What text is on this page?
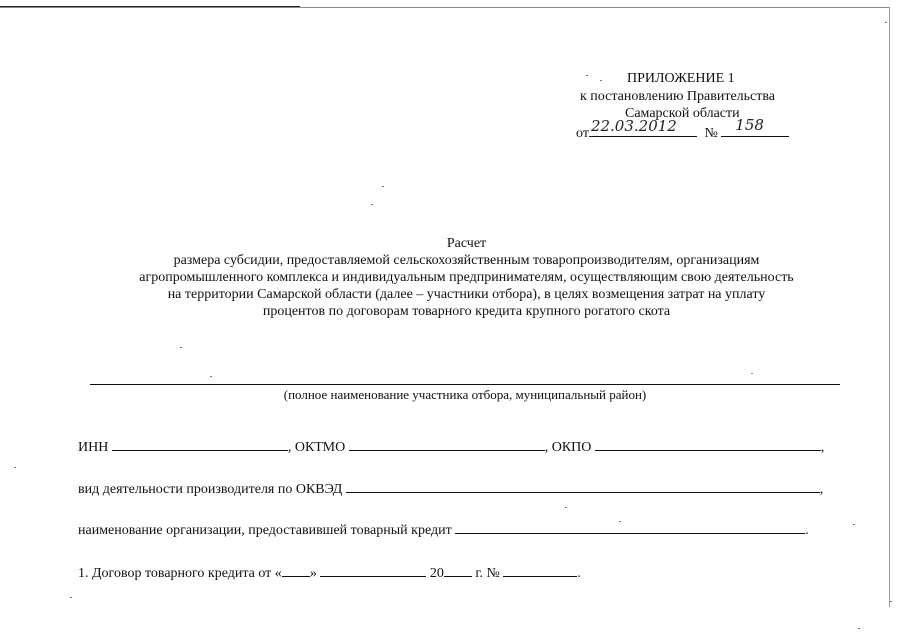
ПРИЛОЖЕНИЕ 1
к постановлению Правительства
Самарской области
от 22.03.2012 № 158
Расчет
размера субсидии, предоставляемой сельскохозяйственным товаропроизводителям, организациям
агропромышленного комплекса и индивидуальным предпринимателям, осуществляющим свою деятельность
на территории Самарской области (далее – участники отбора), в целях возмещения затрат на уплату
процентов по договорам товарного кредита крупного рогатого скота
(полное наименование участника отбора, муниципальный район)
ИНН	, ОКТМО	, ОКПО	,
вид деятельности производителя по ОКВЭД	,
наименование организации, предоставившей товарный кредит	.
1. Договор товарного кредита от « »	20 г. №	.
